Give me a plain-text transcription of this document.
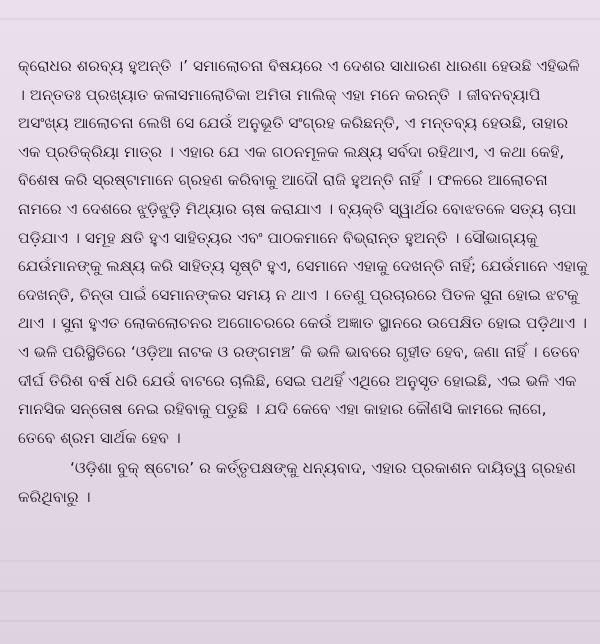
କ୍ରୋଧର ଶରବ୍ୟ ହୁଅନ୍ତି ।’ ସମାଲୋଚନା ବିଷୟରେ ଏ ଦେଶର ସାଧାରଣ ଧାରଣା ହେଉଛି ଏହିଭଳି । ଅନ୍ତତଃ ପ୍ରଖ୍ୟାତ କଳାସମାଲୋଚିକା ଅମିତା ମାଲିକ୍ ଏହା ମନେ କରନ୍ତି । ଜୀବନବ୍ୟାପି ଅସଂଖ୍ୟ ଆଲୋଚନା ଲେଖି ସେ ଯେଉଁ ଅନୁଭୂତି ସଂଗ୍ରହ କରିଛନ୍ତି, ଏ ମନ୍ତବ୍ୟ ହେଉଛି, ତାହାର ଏକ ପ୍ରତିକ୍ରିୟା ମାତ୍ର । ଏହାର ଯେ ଏକ ଗଠନମୂଳକ ଲକ୍ଷ୍ୟ ସର୍ବଦା ରହିଥାଏ, ଏ କଥା କେହି, ବିଶେଷ କରି ସ୍ରଷ୍ଟାମାନେ ଗ୍ରହଣ କରିବାକୁ ଆଦୌ ରାଜି ହୁଅନ୍ତି ନାହିଁ । ଫଳରେ ଆଲୋଚନା ନାମରେ ଏ ଦେଶରେ ଝୁଡ଼ିଝୁଡ଼ି ମିଥ୍ୟାର ଚାଷ କରାଯାଏ । ବ୍ୟକ୍ତି ସ୍ୱାର୍ଥର ବୋଝତଳେ ସତ୍ୟ ଚାପା ପଡ଼ିଯାଏ । ସମୂହ କ୍ଷତି ହୁଏ ସାହିତ୍ୟର ଏବଂ ପାଠକମାନେ ବିଭ୍ରାନ୍ତ ହୁଅନ୍ତି । ସୌଭାଗ୍ୟକୁ ଯେଉଁମାନଙ୍କୁ ଲକ୍ଷ୍ୟ କରି ସାହିତ୍ୟ ସୃଷ୍ଟି ହୁଏ, ସେମାନେ ଏହାକୁ ଦେଖନ୍ତି ନାହିଁ; ଯେଉଁମାନେ ଏହାକୁ ଦେଖନ୍ତି, ଚିନ୍ତା ପାଇଁ ସେମାନଙ୍କର ସମୟ ନ ଥାଏ । ତେଣୁ ପ୍ରଚାରରେ ପିତଳ ସୁନା ହୋଇ ଝଟକୁ ଥାଏ । ସୁନା ହୁଏତ ଲୋକଲୋଚନର ଅଗୋଚରରେ କେଉଁ ଅଜ୍ଞାତ ସ୍ଥାନରେ ଉପେକ୍ଷିତ ହୋଇ ପଡ଼ିଥାଏ । ଏ ଭଳି ପରିସ୍ଥିତିରେ ‘ଓଡ଼ିଆ ନାଟକ ଓ ରଙ୍ଗମଞ୍ଚ’ କି ଭଳି ଭାବରେ ଗୃହୀତ ହେବ, ଜଣା ନାହିଁ । ତେବେ ଦୀର୍ଘ ତିରିଶ ବର୍ଷ ଧରି ଯେଉଁ ବାଟରେ ଚାଲିଛି, ସେଇ ପଥହିଁ ଏଥିରେ ଅନୁସୃତ ହୋଇଛି, ଏଇ ଭଳି ଏକ ମାନସିକ ସନ୍ତୋଷ ନେଇ ରହିବାକୁ ପଡୁଛି । ଯଦି କେବେ ଏହା କାହାର କୌଣସି କାମରେ ଲାଗେ, ତେବେ ଶ୍ରମ ସାର୍ଥକ ହେବ ।

‘ଓଡ଼ିଶା ବୁକ୍ ଷ୍ଟୋର’ ର କର୍ତ୍ତୃପକ୍ଷଙ୍କୁ ଧନ୍ୟବାଦ, ଏହାର ପ୍ରକାଶନ ଦାୟିତ୍ୱ ଗ୍ରହଣ କରିଥିବାରୁ ।
